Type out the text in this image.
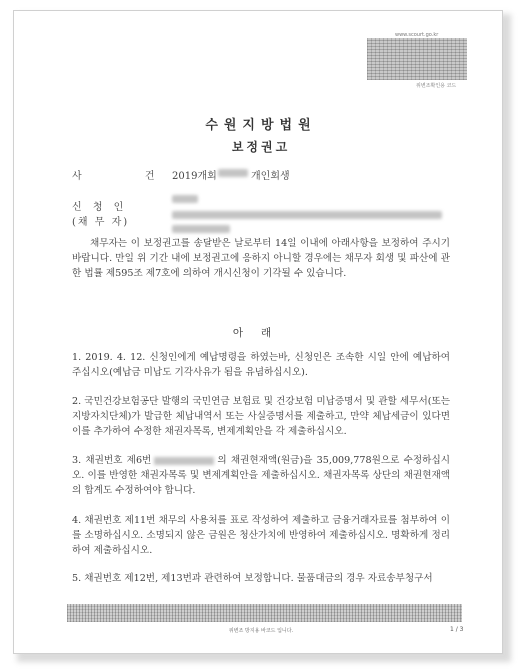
www.scourt.go.kr
위변조확인용 코드
수원지방법원
보정권고
사 건
2019개회	개인회생
신 청 인
(채 무 자)

채무자는 이 보정권고를 송달받은 날로부터 14일 이내에 아래사항을 보정하여 주시기 바랍니다. 만일 위 기간 내에 보정권고에 응하지 아니할 경우에는 채무자 회생 및 파산에 관한 법률 제595조 제7호에 의하여 개시신청이 기각될 수 있습니다.

아래

1. 2019. 4. 12. 신청인에게 예납명령을 하였는바, 신청인은 조속한 시일 안에 예납하여 주십시오(예납금 미납도 기각사유가 됨을 유념하십시오).

2. 국민건강보험공단 발행의 국민연금 보험료 및 건강보험 미납증명서 및 관할 세무서(또는 지방자치단체)가 발급한 체납내역서 또는 사실증명서를 제출하고, 만약 체납세금이 있다면 이를 추가하여 수정한 채권자목록, 변제계획안을 각 제출하십시오.

3. 채권번호 제6번	의 채권현재액(원금)을 35,009,778원으로 수정하십시오. 이를 반영한 채권자목록 및 변제계획안을 제출하십시오. 채권자목록 상단의 채권현재액의 합계도 수정하여야 합니다.

4. 채권번호 제11번 채무의 사용처를 표로 작성하여 제출하고 금융거래자료를 첨부하여 이를 소명하십시오. 소명되지 않은 금원은 청산가치에 반영하여 제출하십시오. 명확하게 정리하여 제출하십시오.

5. 채권번호 제12번, 제13번과 관련하여 보정합니다. 물품대금의 경우 자료송부청구서

위변조 방지용 바코드 입니다.	1 / 3
